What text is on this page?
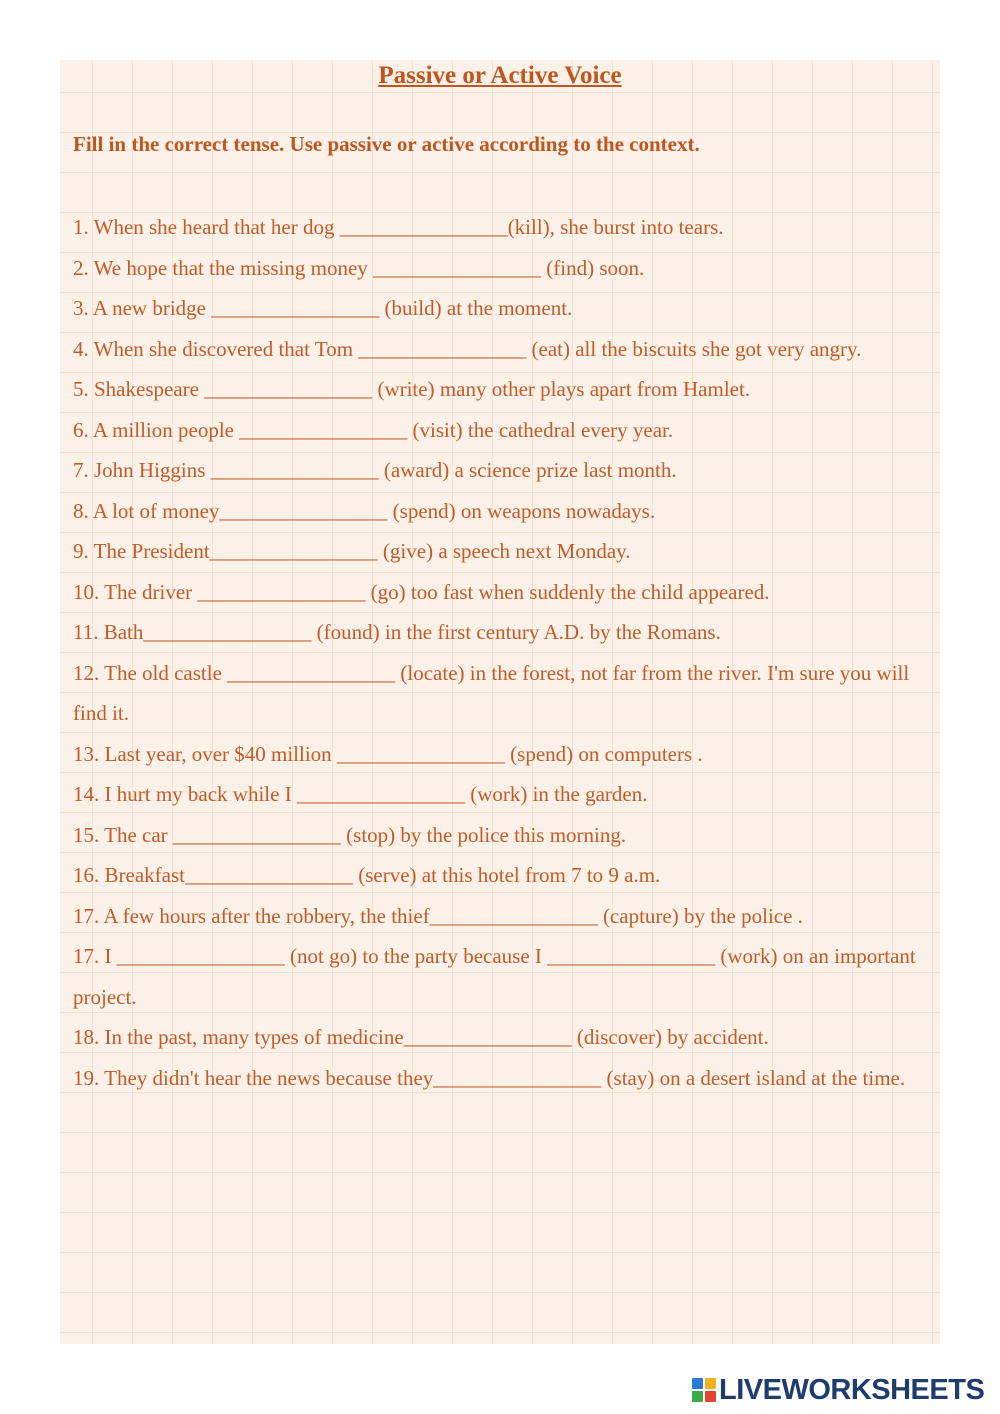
Passive or Active Voice
Fill in the correct tense. Use passive or active according to the context.
1. When she heard that her dog ________________(kill), she burst into tears.
2. We hope that the missing money ________________ (find) soon.
3. A new bridge ________________ (build) at the moment.
4. When she discovered that Tom ________________ (eat) all the biscuits she got very angry.
5. Shakespeare ________________ (write) many other plays apart from Hamlet.
6. A million people ________________ (visit) the cathedral every year.
7. John Higgins ________________ (award) a science prize last month.
8. A lot of money________________ (spend) on weapons nowadays.
9. The President________________ (give) a speech next Monday.
10. The driver ________________ (go) too fast when suddenly the child appeared.
11. Bath________________ (found) in the first century A.D. by the Romans.
12. The old castle ________________ (locate) in the forest, not far from the river. I'm sure you will find it.
13. Last year, over $40 million ________________ (spend) on computers .
14. I hurt my back while I ________________ (work) in the garden.
15. The car ________________ (stop) by the police this morning.
16. Breakfast________________ (serve) at this hotel from 7 to 9 a.m.
17. A few hours after the robbery, the thief________________ (capture) by the police .
17. I ________________ (not go) to the party because I ________________ (work) on an important project.
18. In the past, many types of medicine________________ (discover) by accident.
19. They didn't hear the news because they________________ (stay) on a desert island at the time.
LIVEWORKSHEETS
